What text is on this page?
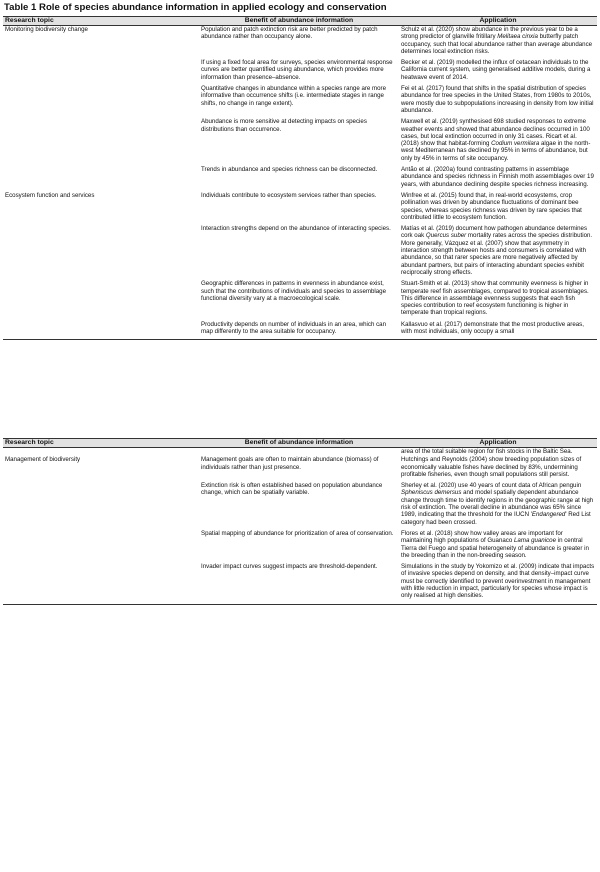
Table 1 Role of species abundance information in applied ecology and conservation
Research topic	Benefit of abundance information	Application
Monitoring biodiversity change	Population and patch extinction risk are better predicted by patch abundance rather than occupancy alone.	Schulz et al. (2020) show abundance in the previous year to be a strong predictor of glanville fritillary Melitaea cinxia butterfly patch occupancy, such that local abundance rather than average abundance determines local extinction risks.
	If using a fixed focal area for surveys, species environmental response curves are better quantified using abundance, which provides more information than presence–absence.	Becker et al. (2019) modelled the influx of cetacean individuals to the California current system, using generalised additive models, during a heatwave event of 2014.
	Quantitative changes in abundance within a species range are more informative than occurrence shifts (i.e. intermediate stages in range shifts, no change in range extent).	Fei et al. (2017) found that shifts in the spatial distribution of species abundance for tree species in the United States, from 1980s to 2010s, were mostly due to subpopulations increasing in density from low initial abundance.
	Abundance is more sensitive at detecting impacts on species distributions than occurrence.	Maxwell et al. (2019) synthesised 698 studied responses to extreme weather events and showed that abundance declines occurred in 100 cases, but local extinction occurred in only 31 cases. Ricart et al. (2018) show that habitat-forming Codium vermilara algae in the north-west Mediterranean has declined by 95% in terms of abundance, but only by 45% in terms of site occupancy.
	Trends in abundance and species richness can be disconnected.	Antão et al. (2020a) found contrasting patterns in assemblage abundance and species richness in Finnish moth assemblages over 19 years, with abundance declining despite species richness increasing.
Ecosystem function and services	Individuals contribute to ecosystem services rather than species.	Winfree et al. (2015) found that, in real-world ecosystems, crop pollination was driven by abundance fluctuations of dominant bee species, whereas species richness was driven by rare species that contributed little to ecosystem function.
	Interaction strengths depend on the abundance of interacting species.	Matías et al. (2019) document how pathogen abundance determines cork oak Quercus suber mortality rates across the species distribution. More generally, Vázquez et al. (2007) show that asymmetry in interaction strength between hosts and consumers is correlated with abundance, so that rarer species are more negatively affected by abundant partners, but pairs of interacting abundant species exhibit reciprocally strong effects.
	Geographic differences in patterns in evenness in abundance exist, such that the contributions of individuals and species to assemblage functional diversity vary at a macroecological scale.	Stuart-Smith et al. (2013) show that community evenness is higher in temperate reef fish assemblages, compared to tropical assemblages. This difference in assemblage evenness suggests that each fish species contribution to reef ecosystem functioning is higher in temperate than tropical regions.
	Productivity depends on number of individuals in an area, which can map differently to the area suitable for occupancy.	Kallasvuo et al. (2017) demonstrate that the most productive areas, with most individuals, only occupy a small
Research topic	Benefit of abundance information	Application
		area of the total suitable region for fish stocks in the Baltic Sea.
Management of biodiversity	Management goals are often to maintain abundance (biomass) of individuals rather than just presence.	Hutchings and Reynolds (2004) show breeding population sizes of economically valuable fishes have declined by 83%, undermining profitable fisheries, even though small populations still persist.
	Extinction risk is often established based on population abundance change, which can be spatially variable.	Sherley et al. (2020) use 40 years of count data of African penguin Spheniscus demersus and model spatially dependent abundance change through time to identify regions in the geographic range at high risk of extinction. The overall decline in abundance was 65% since 1989, indicating that the threshold for the IUCN 'Endangered' Red List category had been crossed.
	Spatial mapping of abundance for prioritization of area of conservation.	Flores et al. (2018) show how valley areas are important for maintaining high populations of Guanaco Lama guanicoe in central Tierra del Fuego and spatial heterogeneity of abundance is greater in the breeding than in the non-breeding season.
	Invader impact curves suggest impacts are threshold-dependent.	Simulations in the study by Yokomizo et al. (2009) indicate that impacts of invasive species depend on density, and that density–impact curve must be correctly identified to prevent overinvestment in management with little reduction in impact, particularly for species whose impact is only realised at high densities.
